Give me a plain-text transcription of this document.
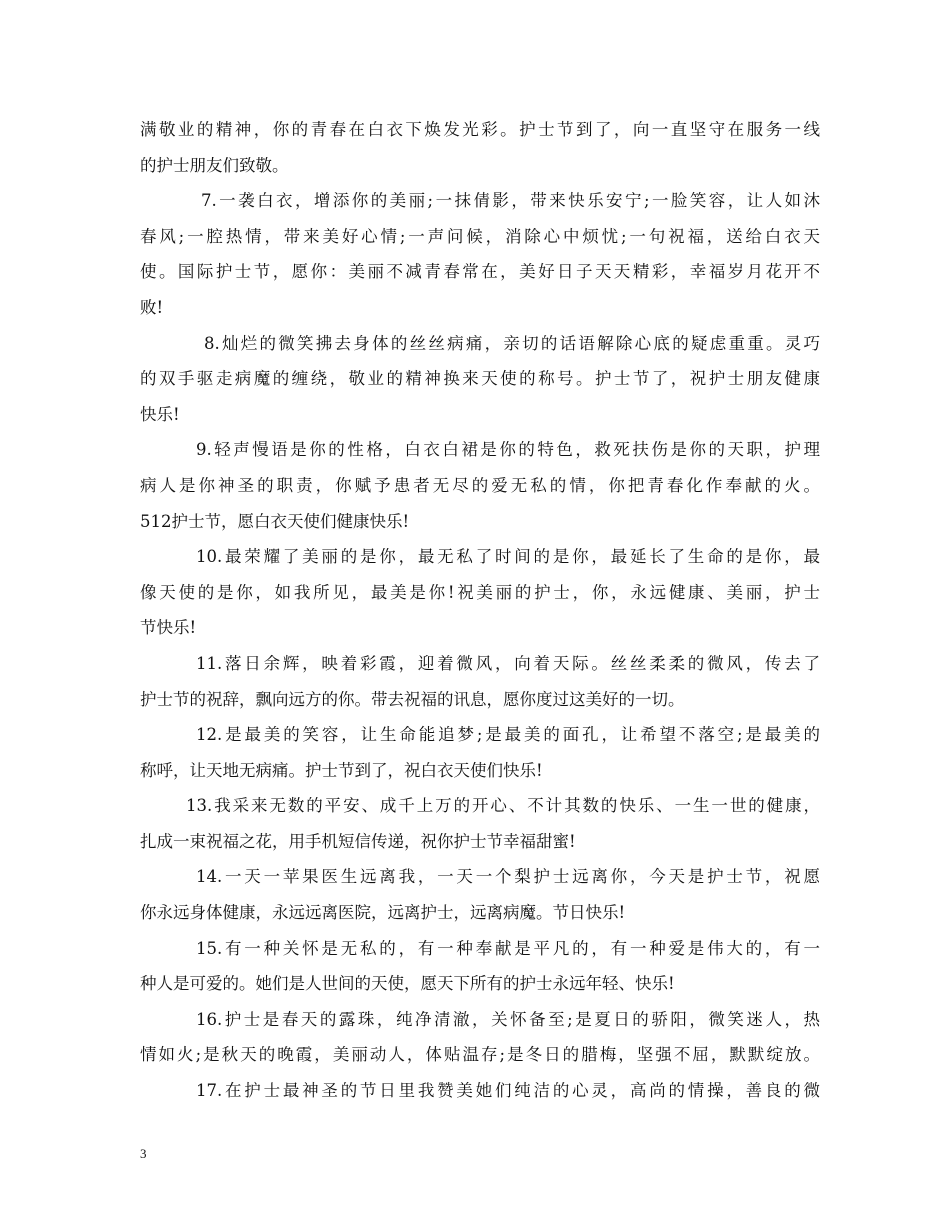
满敬业的精神，你的青春在白衣下焕发光彩。护士节到了，向一直坚守在服务一线
的护士朋友们致敬。
7.一袭白衣，增添你的美丽;一抹倩影，带来快乐安宁;一脸笑容，让人如沐
春风;一腔热情，带来美好心情;一声问候，消除心中烦忧;一句祝福，送给白衣天
使。国际护士节，愿你：美丽不减青春常在，美好日子天天精彩，幸福岁月花开不
败!
8.灿烂的微笑拂去身体的丝丝病痛，亲切的话语解除心底的疑虑重重。灵巧
的双手驱走病魔的缠绕，敬业的精神换来天使的称号。护士节了，祝护士朋友健康
快乐!
9.轻声慢语是你的性格，白衣白裙是你的特色，救死扶伤是你的天职，护理
病人是你神圣的职责，你赋予患者无尽的爱无私的情，你把青春化作奉献的火。
512护士节，愿白衣天使们健康快乐!
10.最荣耀了美丽的是你，最无私了时间的是你，最延长了生命的是你，最
像天使的是你，如我所见，最美是你!祝美丽的护士，你，永远健康、美丽，护士
节快乐!
11.落日余辉，映着彩霞，迎着微风，向着天际。丝丝柔柔的微风，传去了
护士节的祝辞，飘向远方的你。带去祝福的讯息，愿你度过这美好的一切。
12.是最美的笑容，让生命能追梦;是最美的面孔，让希望不落空;是最美的
称呼，让天地无病痛。护士节到了，祝白衣天使们快乐!
13.我采来无数的平安、成千上万的开心、不计其数的快乐、一生一世的健康，
扎成一束祝福之花，用手机短信传递，祝你护士节幸福甜蜜!
14.一天一苹果医生远离我，一天一个梨护士远离你，今天是护士节，祝愿
你永远身体健康，永远远离医院，远离护士，远离病魔。节日快乐!
15.有一种关怀是无私的，有一种奉献是平凡的，有一种爱是伟大的，有一
种人是可爱的。她们是人世间的天使，愿天下所有的护士永远年轻、快乐!
16.护士是春天的露珠，纯净清澈，关怀备至;是夏日的骄阳，微笑迷人，热
情如火;是秋天的晚霞，美丽动人，体贴温存;是冬日的腊梅，坚强不屈，默默绽放。
17.在护士最神圣的节日里我赞美她们纯洁的心灵，高尚的情操，善良的微
3
